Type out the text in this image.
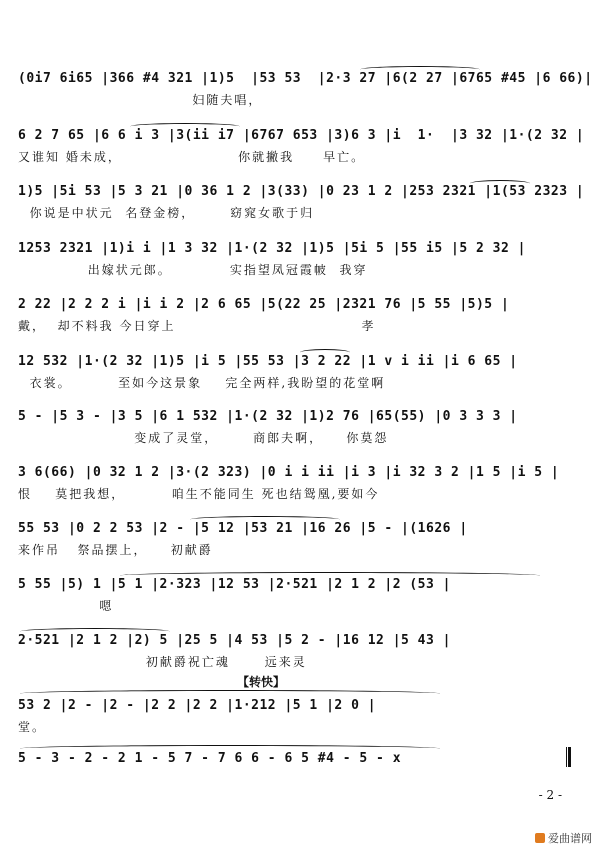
(0i7 6i65 |366 #4 321 |1)5  |53 53  |2·3 27 |6(2 27 |6765 #45 |6 66)|
妇随夫唱，
6 2 7 65 |6 6 i 3 |3(ii i7 |6767 653 |3)6 3 |i  1·  |3 32 |1·(2 32 |
又谁知 婚未成，                    你就撇我     早亡。
1)5 |5i 53 |5 3 21 |0 36 1 2 |3(33) |0 23 1 2 |253 2321 |1(53 2323 |
你说是中状元  名登金榜，      窈窕女歌于归
1253 2321 |1)i i |1 3 32 |1·(2 32 |1)5 |5i 5 |55 i5 |5 2 32 |
出嫁状元郎。          实指望凤冠霞帔  我穿
2 22 |2 2 2 i |i i 2 |2 6 65 |5(22 25 |2321 76 |5 55 |5)5 |
戴，  却不料我 今日穿上                                孝
12 532 |1·(2 32 |1)5 |i 5 |55 53 |3 2 22 |1 v i ii |i 6 65 |
衣裳。        至如今这景象    完全两样,我盼望的花堂啊
5 - |5 3 - |3 5 |6 1 532 |1·(2 32 |1)2 76 |65(55) |0 3 3 3 |
变成了灵堂，      商郎夫啊，    你莫怨
3 6(66) |0 32 1 2 |3·(2 323) |0 i i ii |i 3 |i 32 3 2 |1 5 |i 5 |
恨    莫把我想，        咱生不能同生 死也结鸳凰,要如今
55 53 |0 2 2 53 |2 - |5 12 |53 21 |16 26 |5 - |(1626 |
来作吊   祭品摆上，    初献爵
5 55 |5) 1 |5 1 |2·323 |12 53 |2·521 |2 1 2 |2 (53 |
嗯
2·521 |2 1 2 |2) 5 |25 5 |4 53 |5 2 - |16 12 |5 43 |
初献爵祝亡魂      远来灵
【转快】
53 2 |2 - |2 - |2 2 |2 2 |1·212 |5 1 |2 0 |
堂。
5 - 3 - 2 - 2 1 - 5 7 - 7 6 6 - 6 5 #4 - 5 - x
- 2 -
爱曲谱网
